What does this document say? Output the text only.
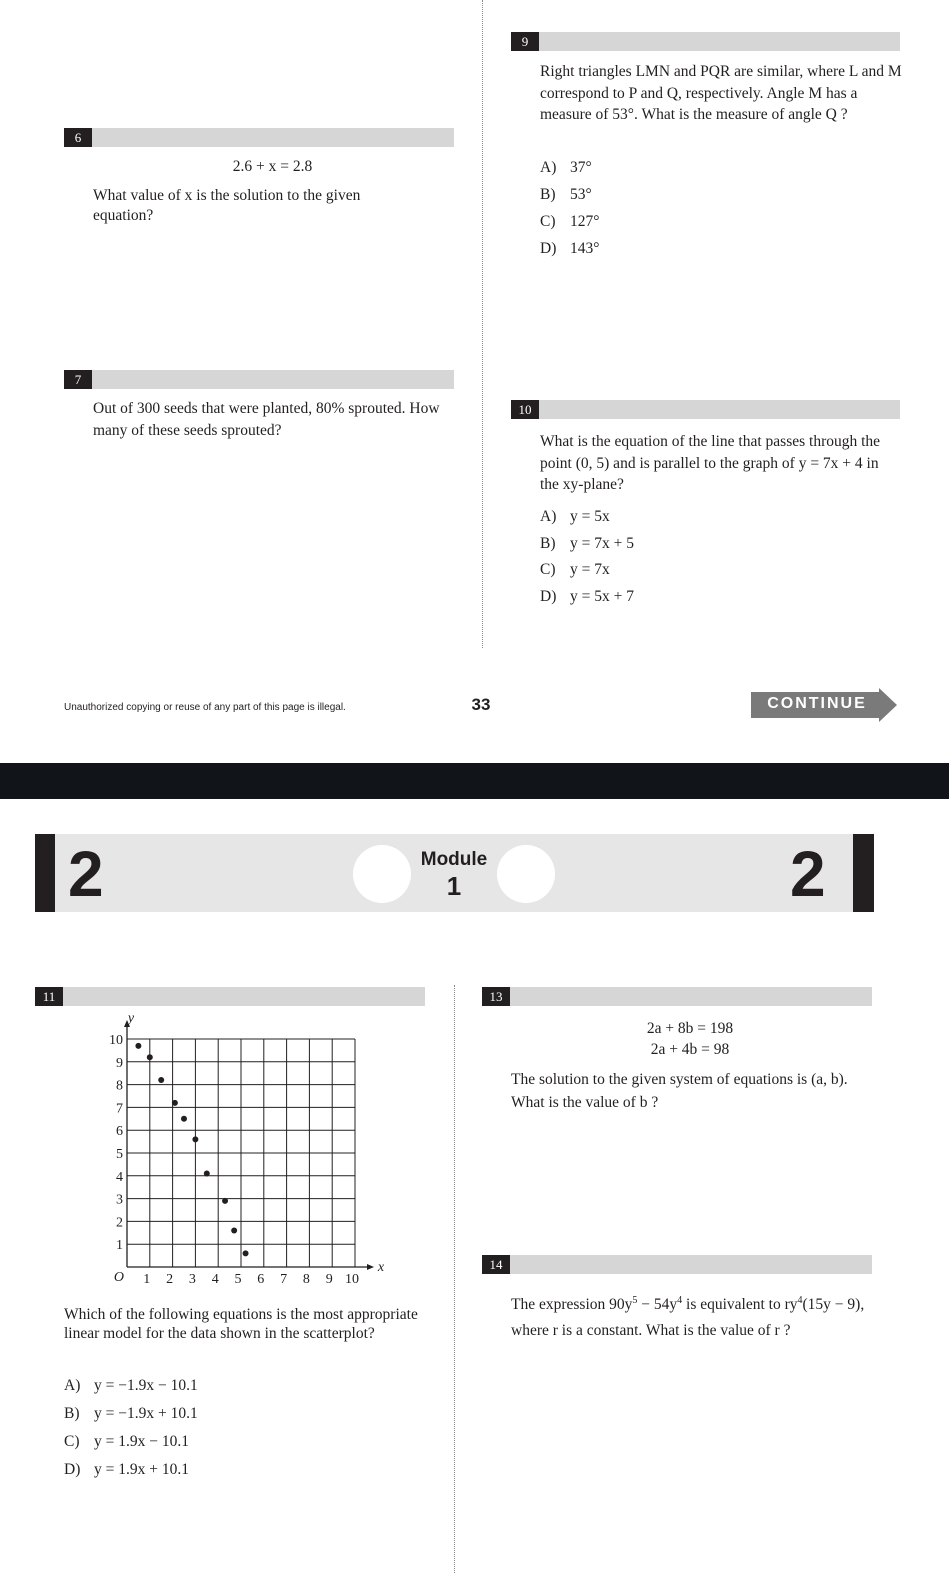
6
2.6 + x = 2.8
What value of x is the solution to the given equation?
7
Out of 300 seeds that were planted, 80% sprouted. How many of these seeds sprouted?
9
Right triangles LMN and PQR are similar, where L and M correspond to P and Q, respectively. Angle M has a measure of 53°. What is the measure of angle Q ?
A) 37°
B) 53°
C) 127°
D) 143°
10
What is the equation of the line that passes through the point (0, 5) and is parallel to the graph of y = 7x + 4 in the xy-plane?
A) y = 5x
B) y = 7x + 5
C) y = 7x
D) y = 5x + 7
Unauthorized copying or reuse of any part of this page is illegal.	33	CONTINUE
2	2
Module
1
11
1 2 3 4 5 6 7 8 9 10
1
2
3
4
5
6
7
8
9
10
O
x
y
Which of the following equations is the most appropriate linear model for the data shown in the scatterplot?
A) y = −1.9x − 10.1
B) y = −1.9x + 10.1
C) y = 1.9x − 10.1
D) y = 1.9x + 10.1
13
2a + 8b = 198
2a + 4b = 98
The solution to the given system of equations is (a, b). What is the value of b ?
14
The expression $90y^5 - 54y^4$ is equivalent to $ry^4(15y - 9)$, where r is a constant. What is the value of r ?
